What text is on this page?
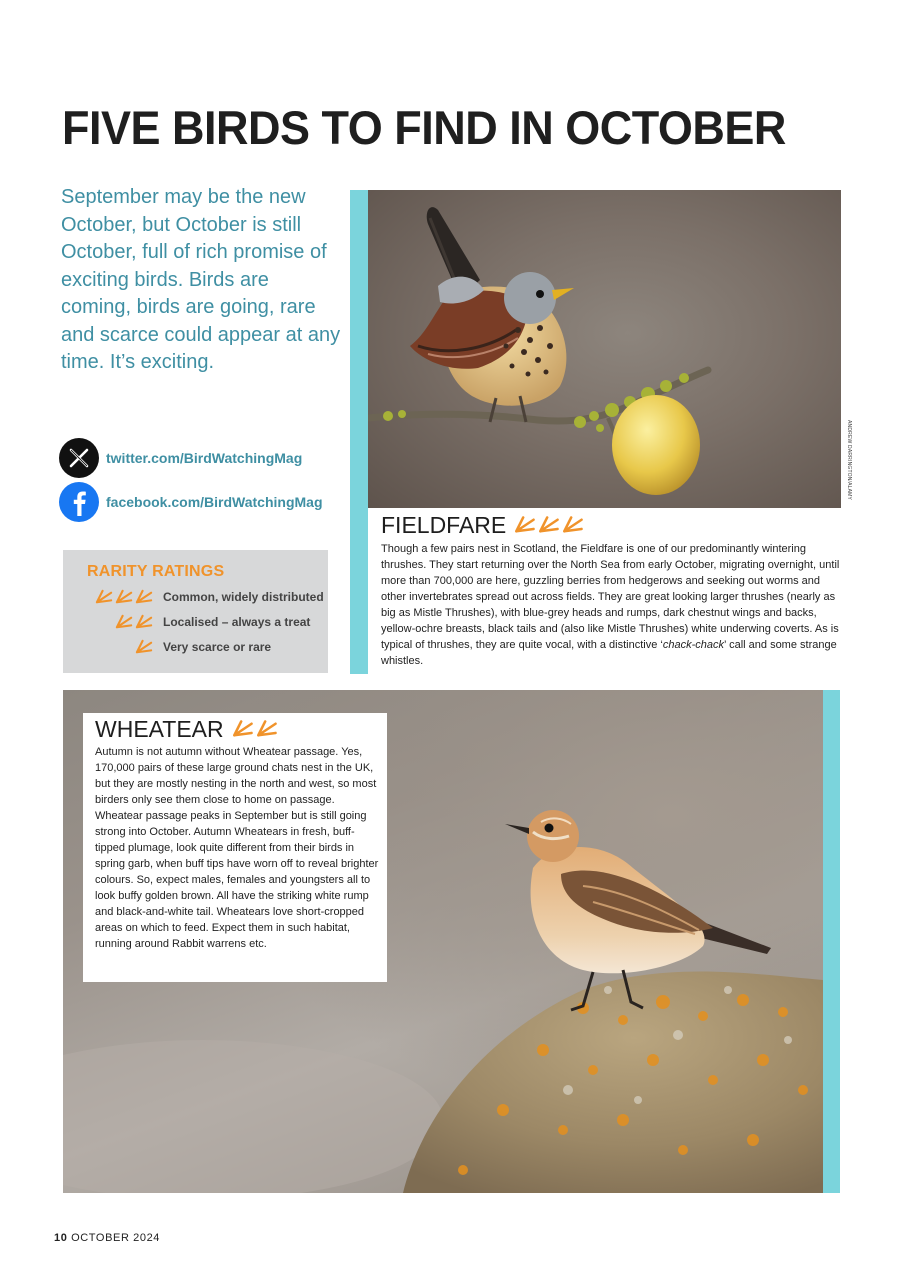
FIVE BIRDS TO FIND IN OCTOBER
September may be the new October, but October is still October, full of rich promise of exciting birds. Birds are coming, birds are going, rare and scarce could appear at any time. It’s exciting.
twitter.com/BirdWatchingMag
facebook.com/BirdWatchingMag
RARITY RATINGS
Common, widely distributed
Localised – always a treat
Very scarce or rare
ANDREW DARRINGTON/ALAMY
FIELDFARE
Though a few pairs nest in Scotland, the Fieldfare is one of our predominantly wintering thrushes. They start returning over the North Sea from early October, migrating overnight, until more than 700,000 are here, guzzling berries from hedgerows and seeking out worms and other invertebrates spread out across fields. They are great looking larger thrushes (nearly as big as Mistle Thrushes), with blue-grey heads and rumps, dark chestnut wings and backs, yellow-ochre breasts, black tails and (also like Mistle Thrushes) white underwing coverts. As is typical of thrushes, they are quite vocal, with a distinctive ‘chack-chack’ call and some strange whistles.
WHEATEAR
Autumn is not autumn without Wheatear passage. Yes, 170,000 pairs of these large ground chats nest in the UK, but they are mostly nesting in the north and west, so most birders only see them close to home on passage. Wheatear passage peaks in September but is still going strong into October. Autumn Wheatears in fresh, buff-tipped plumage, look quite different from their birds in spring garb, when buff tips have worn off to reveal brighter colours. So, expect males, females and youngsters all to look buffy golden brown. All have the striking white rump and black-and-white tail. Wheatears love short-cropped areas on which to feed. Expect them in such habitat, running around Rabbit warrens etc.
10 OCTOBER 2024
